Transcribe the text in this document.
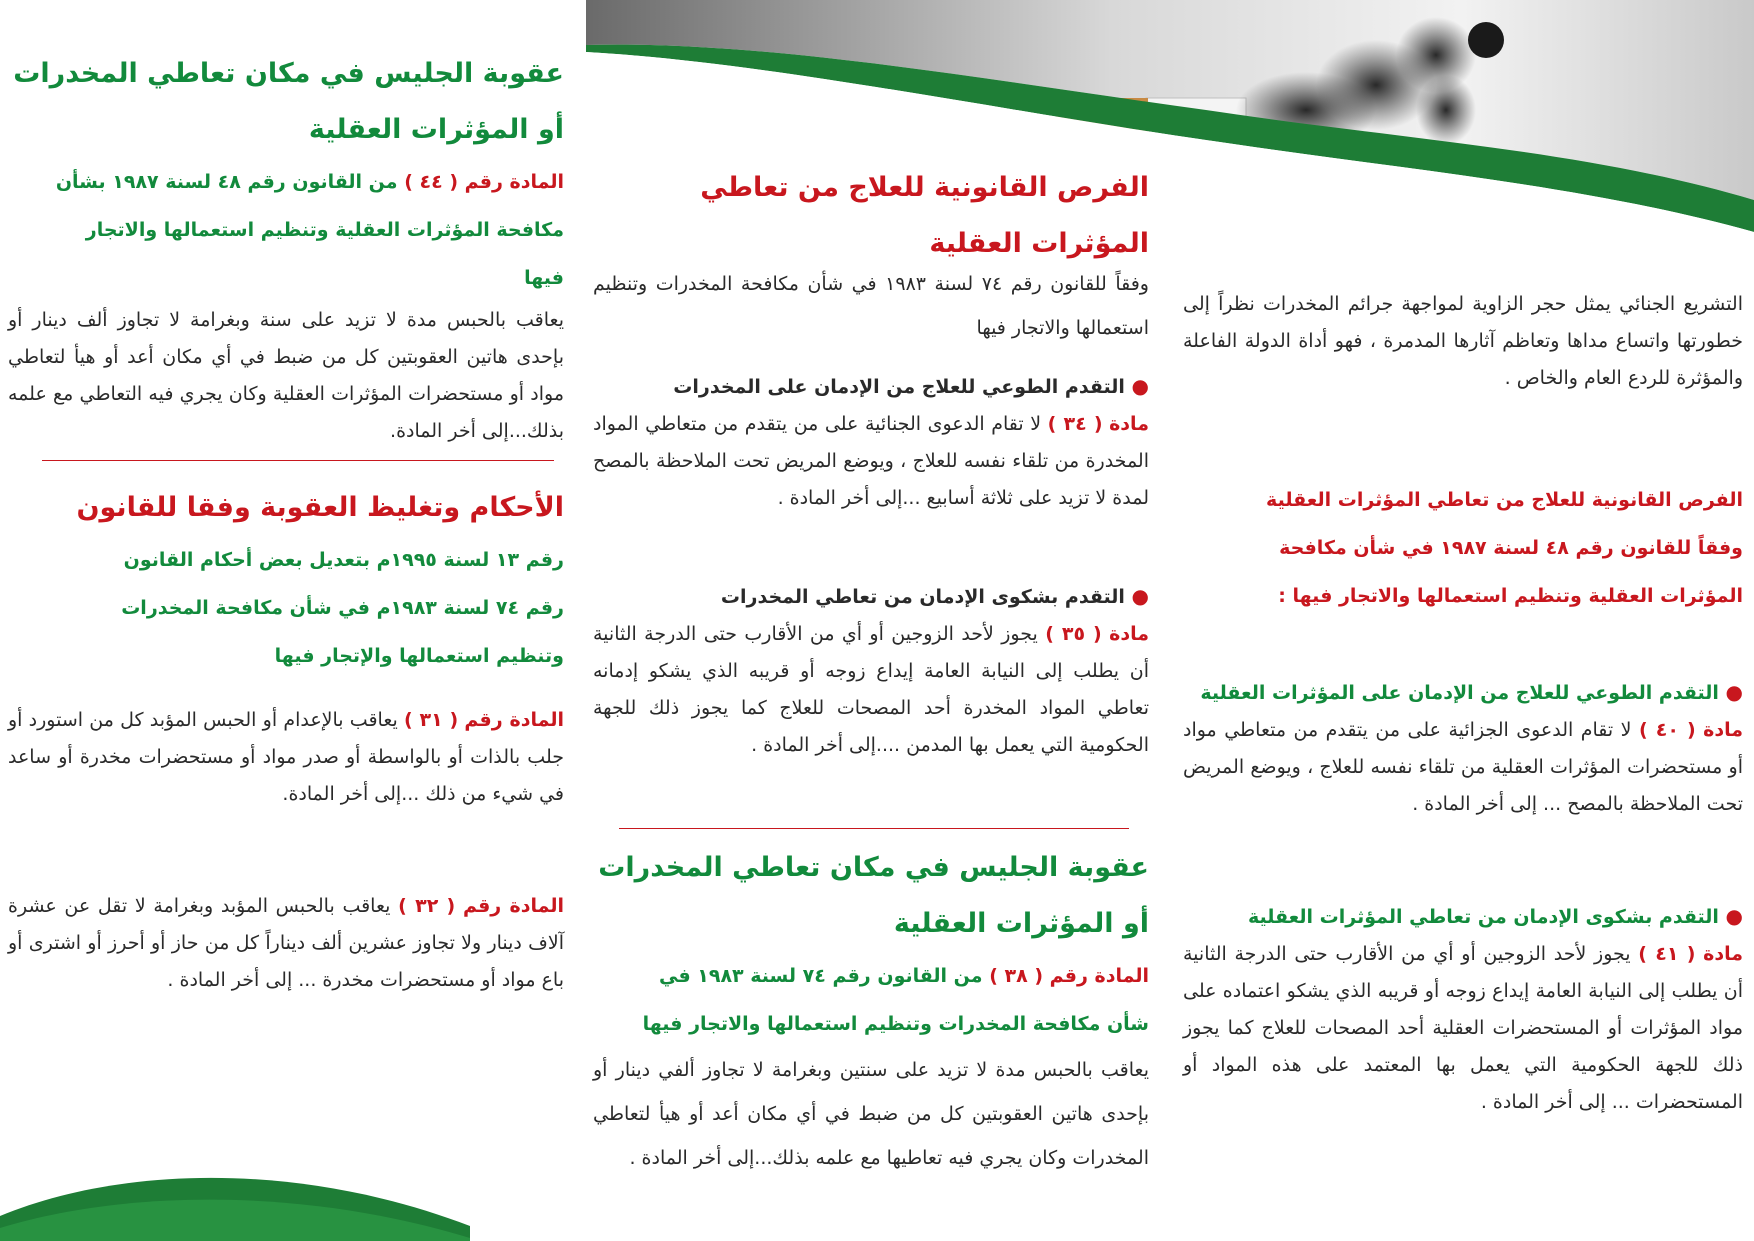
التشريع الجنائي يمثل حجر الزاوية لمواجهة جرائم المخدرات نظراً إلى خطورتها واتساع مداها وتعاظم آثارها المدمرة ، فهو أداة الدولة الفاعلة والمؤثرة للردع العام والخاص .

الفرص القانونية للعلاج من تعاطي المؤثرات العقلية

وفقاً للقانون رقم ٤٨ لسنة ١٩٨٧ في شأن مكافحة

المؤثرات العقلية وتنظيم استعمالها والاتجار فيها :

● التقدم الطوعي للعلاج من الإدمان على المؤثرات العقلية

مادة ( ٤٠ ) لا تقام الدعوى الجزائية على من يتقدم من متعاطي مواد أو مستحضرات المؤثرات العقلية من تلقاء نفسه للعلاج ، ويوضع المريض تحت الملاحظة بالمصح ... إلى أخر المادة .

● التقدم بشكوى الإدمان من تعاطي المؤثرات العقلية

مادة ( ٤١ ) يجوز لأحد الزوجين أو أي من الأقارب حتى الدرجة الثانية أن يطلب إلى النيابة العامة إيداع زوجه أو قريبه الذي يشكو اعتماده على مواد المؤثرات أو المستحضرات العقلية أحد المصحات للعلاج كما يجوز ذلك للجهة الحكومية التي يعمل بها المعتمد على هذه المواد أو المستحضرات ... إلى أخر المادة .

الفرص القانونية للعلاج من تعاطي

المؤثرات العقلية

وفقاً للقانون رقم ٧٤ لسنة ١٩٨٣ في شأن مكافحة المخدرات وتنظيم استعمالها والاتجار فيها

● التقدم الطوعي للعلاج من الإدمان على المخدرات

مادة ( ٣٤ ) لا تقام الدعوى الجنائية على من يتقدم من متعاطي المواد المخدرة من تلقاء نفسه للعلاج ، ويوضع المريض تحت الملاحظة بالمصح لمدة لا تزيد على ثلاثة أسابيع ...إلى أخر المادة .

● التقدم بشكوى الإدمان من تعاطي المخدرات

مادة ( ٣٥ ) يجوز لأحد الزوجين أو أي من الأقارب حتى الدرجة الثانية أن يطلب إلى النيابة العامة إيداع زوجه أو قريبه الذي يشكو إدمانه تعاطي المواد المخدرة أحد المصحات للعلاج كما يجوز ذلك للجهة الحكومية التي يعمل بها المدمن ....إلى أخر المادة .

عقوبة الجليس في مكان تعاطي المخدرات

أو المؤثرات العقلية

المادة رقم ( ٣٨ ) من القانون رقم ٧٤ لسنة ١٩٨٣ في

شأن مكافحة المخدرات وتنظيم استعمالها والاتجار فيها

يعاقب بالحبس مدة لا تزيد على سنتين وبغرامة لا تجاوز ألفي دينار أو بإحدى هاتين العقوبتين كل من ضبط في أي مكان أعد أو هيأ لتعاطي المخدرات وكان يجري فيه تعاطيها مع علمه بذلك...إلى أخر المادة .

عقوبة الجليس في مكان تعاطي المخدرات

أو المؤثرات العقلية

المادة رقم ( ٤٤ ) من القانون رقم ٤٨ لسنة ١٩٨٧ بشأن

مكافحة المؤثرات العقلية وتنظيم استعمالها والاتجار

فيها

يعاقب بالحبس مدة لا تزيد على سنة وبغرامة لا تجاوز ألف دينار أو بإحدى هاتين العقوبتين كل من ضبط في أي مكان أعد أو هيأ لتعاطي مواد أو مستحضرات المؤثرات العقلية وكان يجري فيه التعاطي مع علمه بذلك...إلى أخر المادة.

الأحكام وتغليظ العقوبة وفقا للقانون

رقم ١٣ لسنة ١٩٩٥م بتعديل بعض أحكام القانون

رقم ٧٤ لسنة ١٩٨٣م في شأن مكافحة المخدرات

وتنظيم استعمالها والإتجار فيها

المادة رقم ( ٣١ ) يعاقب بالإعدام أو الحبس المؤبد كل من استورد أو جلب بالذات أو بالواسطة أو صدر مواد أو مستحضرات مخدرة أو ساعد في شيء من ذلك ...إلى أخر المادة.

المادة رقم ( ٣٢ ) يعاقب بالحبس المؤبد وبغرامة لا تقل عن عشرة آلاف دينار ولا تجاوز عشرين ألف ديناراً كل من حاز أو أحرز أو اشترى أو باع مواد أو مستحضرات مخدرة ... إلى أخر المادة .
